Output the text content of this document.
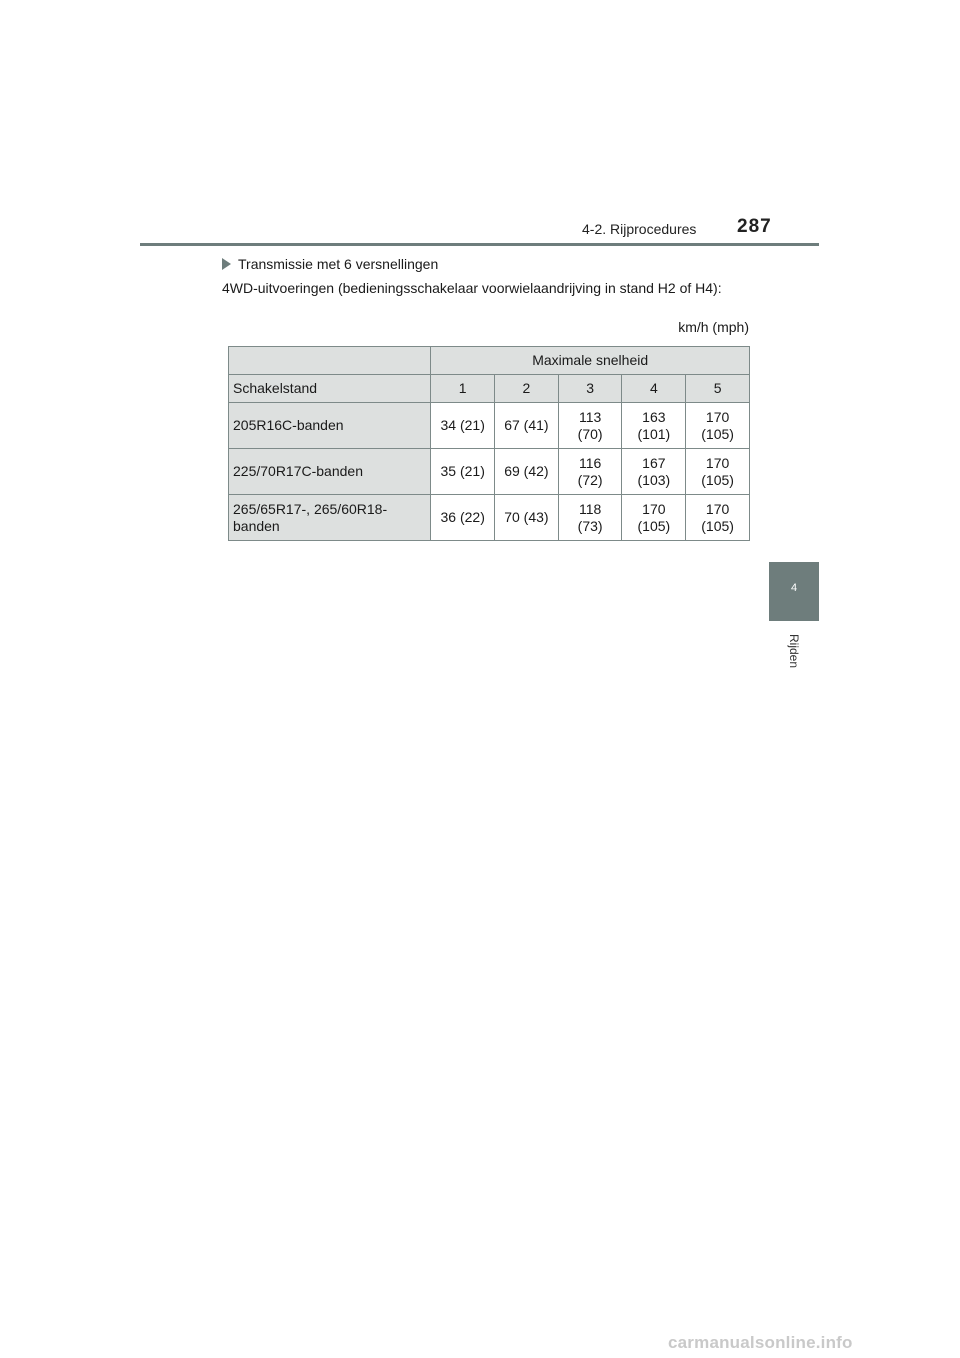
4-2. Rijprocedures 287
4
Rijden
Transmissie met 6 versnellingen
4WD-uitvoeringen (bedieningsschakelaar voorwielaandrijving in stand H2 of H4):
km/h (mph)
	Maximale snelheid				
Schakelstand	1	2	3	4	5
205R16C-banden	34 (21)	67 (41)	113
(70)	163
(101)	170
(105)
225/70R17C-banden	35 (21)	69 (42)	116
(72)	167
(103)	170
(105)
265/65R17-, 265/60R18-
banden	36 (22)	70 (43)	118
(73)	170
(105)	170
(105)
carmanualsonline.info
